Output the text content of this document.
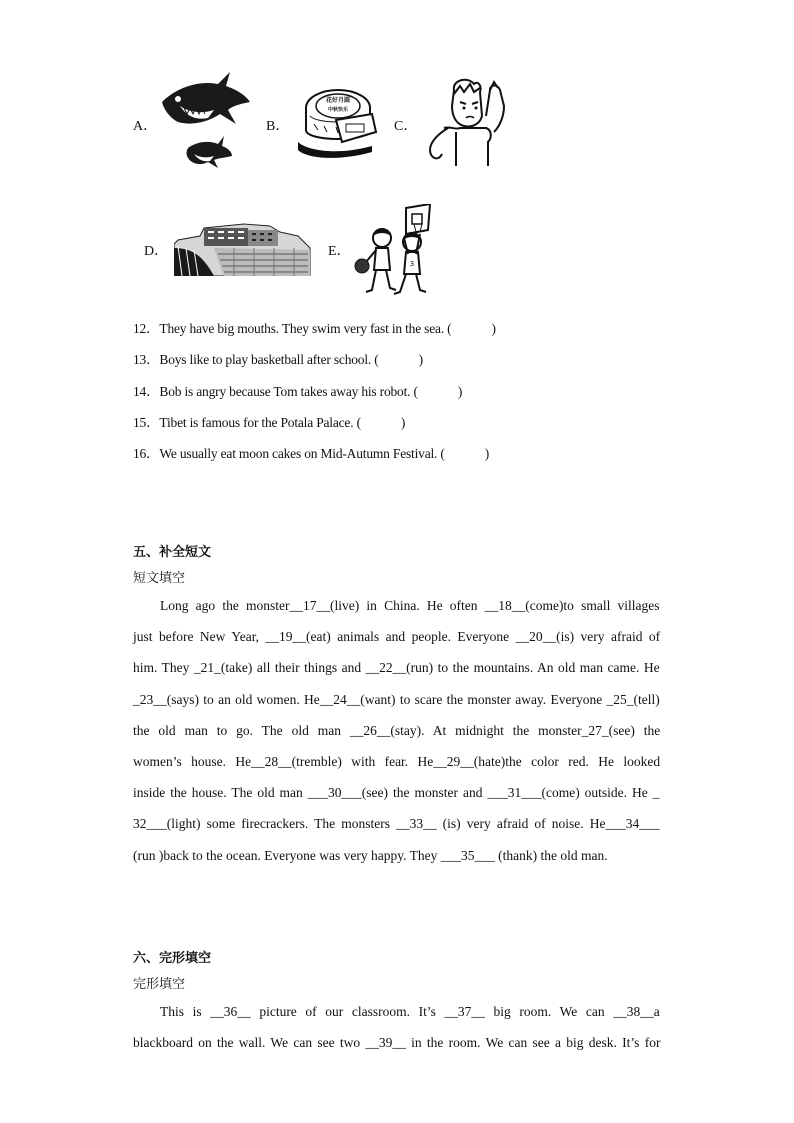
A．	B．	C．
D．	E．
花好月圆
中秋快乐
3
12．They have big mouths. They swim very fast in the sea. (	)
13．Boys like to play basketball after school. (	)
14．Bob is angry because Tom takes away his robot. (	)
15．Tibet is famous for the Potala Palace. (	)
16．We usually eat moon cakes on Mid-Autumn Festival. (	)
五、补全短文
短文填空
Long ago the monster__17__(live) in China. He often __18__(come)to small villages
just before New Year, __19__(eat) animals and people. Everyone __20__(is) very afraid of
him. They _21_(take) all their things and __22__(run) to the mountains. An old man came. He
_23__(says) to an old women. He__24__(want) to scare the monster away. Everyone _25_(tell)
the old man to go. The old man __26__(stay). At midnight the monster_27_(see) the
women’s house. He__28__(tremble) with fear. He__29__(hate)the color red. He looked
inside the house. The old man ___30___(see) the monster and ___31___(come) outside. He _
32___(light) some firecrackers. The monsters __33__ (is) very afraid of noise. He___34___
(run )back to the ocean. Everyone was very happy. They ___35___ (thank) the old man.
六、完形填空
完形填空
This is __36__ picture of our classroom. It’s __37__ big room. We can __38__a
blackboard on the wall. We can see two __39__ in the room. We can see a big desk. It’s for
